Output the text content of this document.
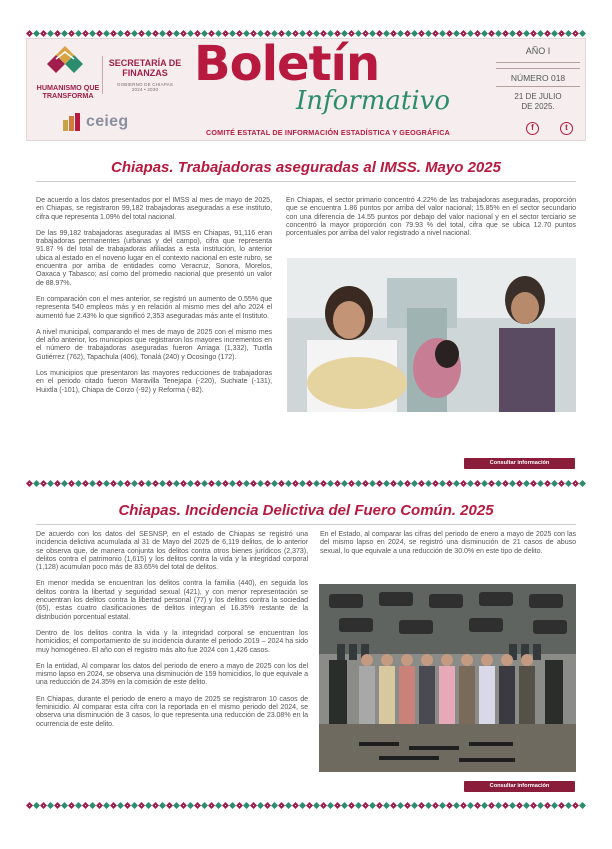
HUMANISMO QUE TRANSFORMA
SECRETARÍA DE FINANZAS
GOBIERNO DE CHIAPAS
2024 • 2030
ceieg
Boletín
Informativo
COMITÉ ESTATAL DE INFORMACIÓN ESTADÍSTICA Y GEOGRÁFICA
AÑO I
NÚMERO 018
21 DE JULIO
DE 2025.
f	t
Chiapas. Trabajadoras aseguradas al IMSS. Mayo 2025

De acuerdo a los datos presentados por el IMSS al mes de mayo de 2025, en Chiapas, se registraron 99,182 trabajadoras aseguradas a ese instituto, cifra que representa 1.09% del total nacional.

De las 99,182 trabajadoras aseguradas al IMSS en Chiapas, 91,116 eran trabajadoras permanentes (urbanas y del campo), cifra que representa 91.87 % del total de trabajadoras afiliadas a esta institución, lo anterior ubica al estado en el noveno lugar en el contexto nacional en este rubro, se encuentra por arriba de entidades como Veracruz, Sonora, Morelos, Oaxaca y Tabasco; así como del promedio nacional que presentó un valor de 88.97%.

En comparación con el mes anterior, se registró un aumento de 0.55% que representa 540 empleos más y en relación al mismo mes del año 2024 el aumentó fue 2.43% lo que significó 2,353 aseguradas más ante el Instituto.

A nivel municipal, comparando el mes de mayo de 2025 con el mismo mes del año anterior, los municipios que registraron los mayores incrementos en el número de trabajadoras aseguradas fueron Arriaga (1,332), Tuxtla Gutiérrez (762), Tapachula (406), Tonalá (240) y Ocosingo (172).

Los municipios que presentaron las mayores reducciones de trabajadoras en el periodo citado fueron Maravilla Tenejapa (-220), Suchiate (-131), Huixtla (-101), Chiapa de Corzo (-92) y Reforma (-82).

En Chiapas, el sector primario concentró 4.22% de las trabajadoras aseguradas, proporción que se encuentra 1.86 puntos por arriba del valor nacional; 15.85% en el sector secundario con una diferencia de 14.55 puntos por debajo del valor nacional y en el sector terciario se concentró la mayor proporción con 79.93 % del total, cifra que se ubica 12.70 puntos porcentuales por arriba del valor registrado a nivel nacional.

Consultar información
Chiapas. Incidencia Delictiva del Fuero Común. 2025

De acuerdo con los datos del SESNSP, en el estado de Chiapas se registró una incidencia delictiva acumulada al 31 de Mayo del 2025 de 6,119 delitos, de lo anterior se observa que, de manera conjunta los delitos contra otros bienes jurídicos (2,373), delitos contra el patrimonio (1,615) y los delitos contra la vida y la integridad corporal (1,128) acumulan poco más de 83.65% del total de delitos.

En menor medida se encuentran los delitos contra la familia (440), en seguida los delitos contra la libertad y seguridad sexual (421), y con menor representación se encuentran los delitos contra la libertad personal (77) y los delitos contra la sociedad (65), estas cuatro clasificaciones de delitos integran el 16.35% restante de la distribución porcentual estatal.

Dentro de los delitos contra la vida y la integridad corporal se encuentran los homicidios; el comportamiento de su incidencia durante el periodo 2019 – 2024 ha sido muy homogéneo. El año con el registro más alto fue 2024 con 1,426 casos.

En la entidad, Al comparar los datos del periodo de enero a mayo de 2025 con los del mismo lapso en 2024, se observa una disminución de 159 homicidios, lo que equivale a una reducción de 24.35% en la comisión de este delito.

En Chiapas, durante el periodo de enero a mayo de 2025 se registraron 10 casos de feminicidio. Al comparar esta cifra con la reportada en el mismo periodo del 2024, se observa una disminución de 3 casos, lo que representa una reducción de 23.08% en la ocurrencia de este delito.

En el Estado, al comparar las cifras del periodo de enero a mayo de 2025 con las del mismo lapso en 2024, se registró una disminución de 21 casos de abuso sexual, lo que equivale a una reducción de 30.0% en este tipo de delito.

Consultar información
